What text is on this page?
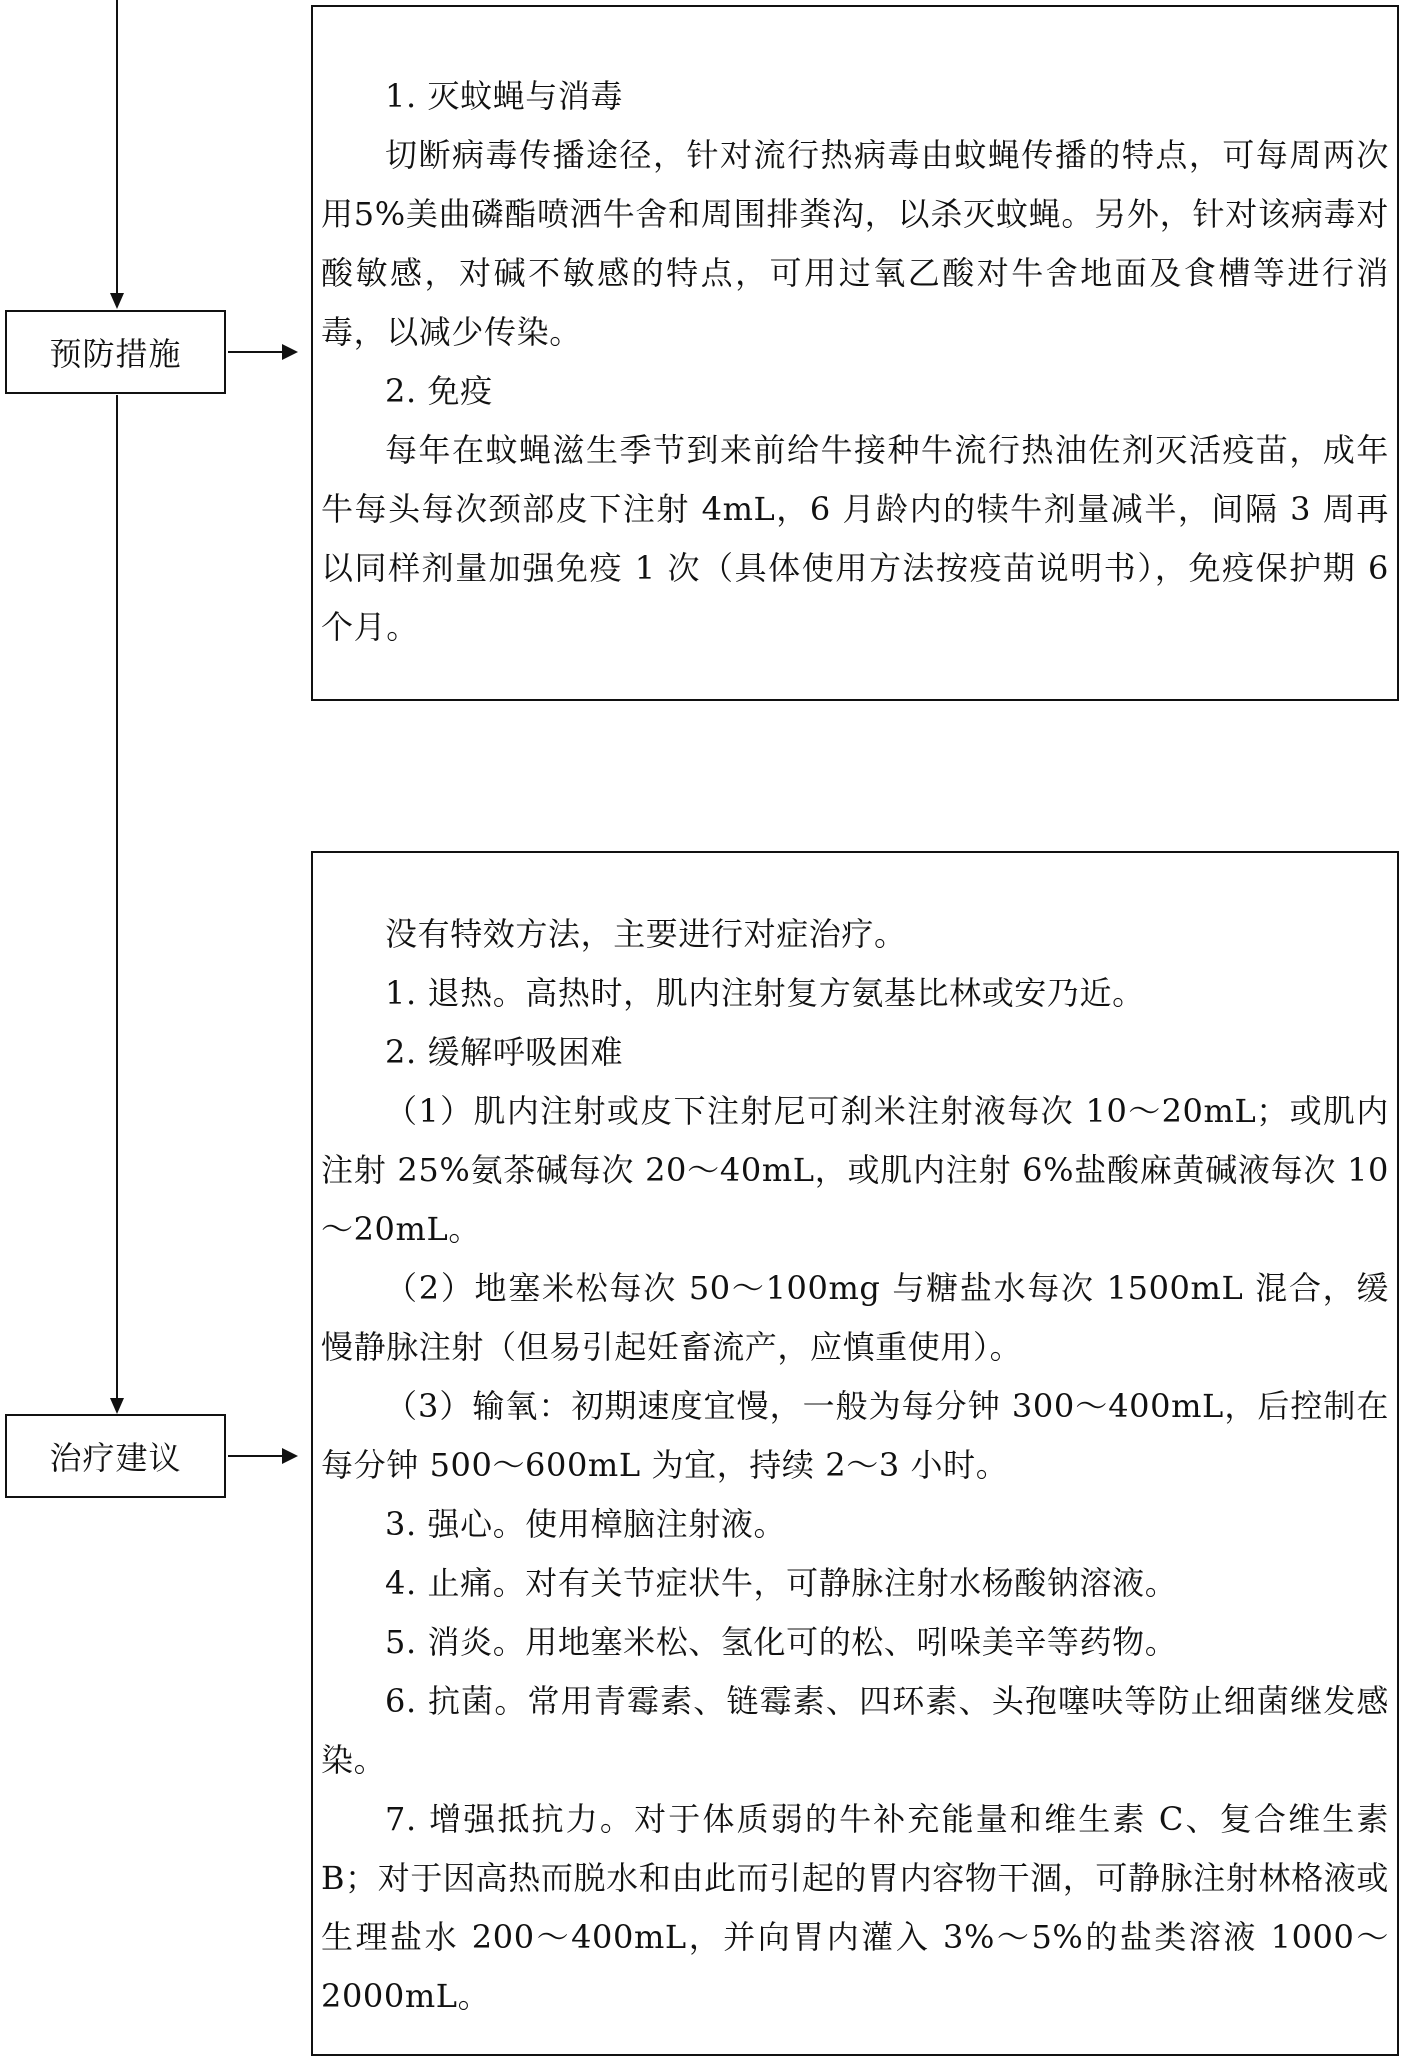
预防措施

1. 灭蚊蝇与消毒

切断病毒传播途径，针对流行热病毒由蚊蝇传播的特点，可每周两次用5%美曲磷酯喷洒牛舍和周围排粪沟，以杀灭蚊蝇。另外，针对该病毒对酸敏感，对碱不敏感的特点，可用过氧乙酸对牛舍地面及食槽等进行消毒，以减少传染。

2. 免疫

每年在蚊蝇滋生季节到来前给牛接种牛流行热油佐剂灭活疫苗，成年牛每头每次颈部皮下注射 4mL，6 月龄内的犊牛剂量减半，间隔 3 周再以同样剂量加强免疫 1 次（具体使用方法按疫苗说明书），免疫保护期 6 个月。

治疗建议

没有特效方法，主要进行对症治疗。

1. 退热。高热时，肌内注射复方氨基比林或安乃近。

2. 缓解呼吸困难

（1）肌内注射或皮下注射尼可刹米注射液每次 10～20mL；或肌内注射 25%氨茶碱每次 20～40mL，或肌内注射 6%盐酸麻黄碱液每次 10～20mL。

（2）地塞米松每次 50～100mg 与糖盐水每次 1500mL 混合，缓慢静脉注射（但易引起妊畜流产，应慎重使用）。

（3）输氧：初期速度宜慢，一般为每分钟 300～400mL，后控制在每分钟 500～600mL 为宜，持续 2～3 小时。

3. 强心。使用樟脑注射液。

4. 止痛。对有关节症状牛，可静脉注射水杨酸钠溶液。

5. 消炎。用地塞米松、氢化可的松、吲哚美辛等药物。

6. 抗菌。常用青霉素、链霉素、四环素、头孢噻呋等防止细菌继发感染。

7. 增强抵抗力。对于体质弱的牛补充能量和维生素 C、复合维生素 B；对于因高热而脱水和由此而引起的胃内容物干涸，可静脉注射林格液或生理盐水 200～400mL，并向胃内灌入 3%～5%的盐类溶液 1000～2000mL。
